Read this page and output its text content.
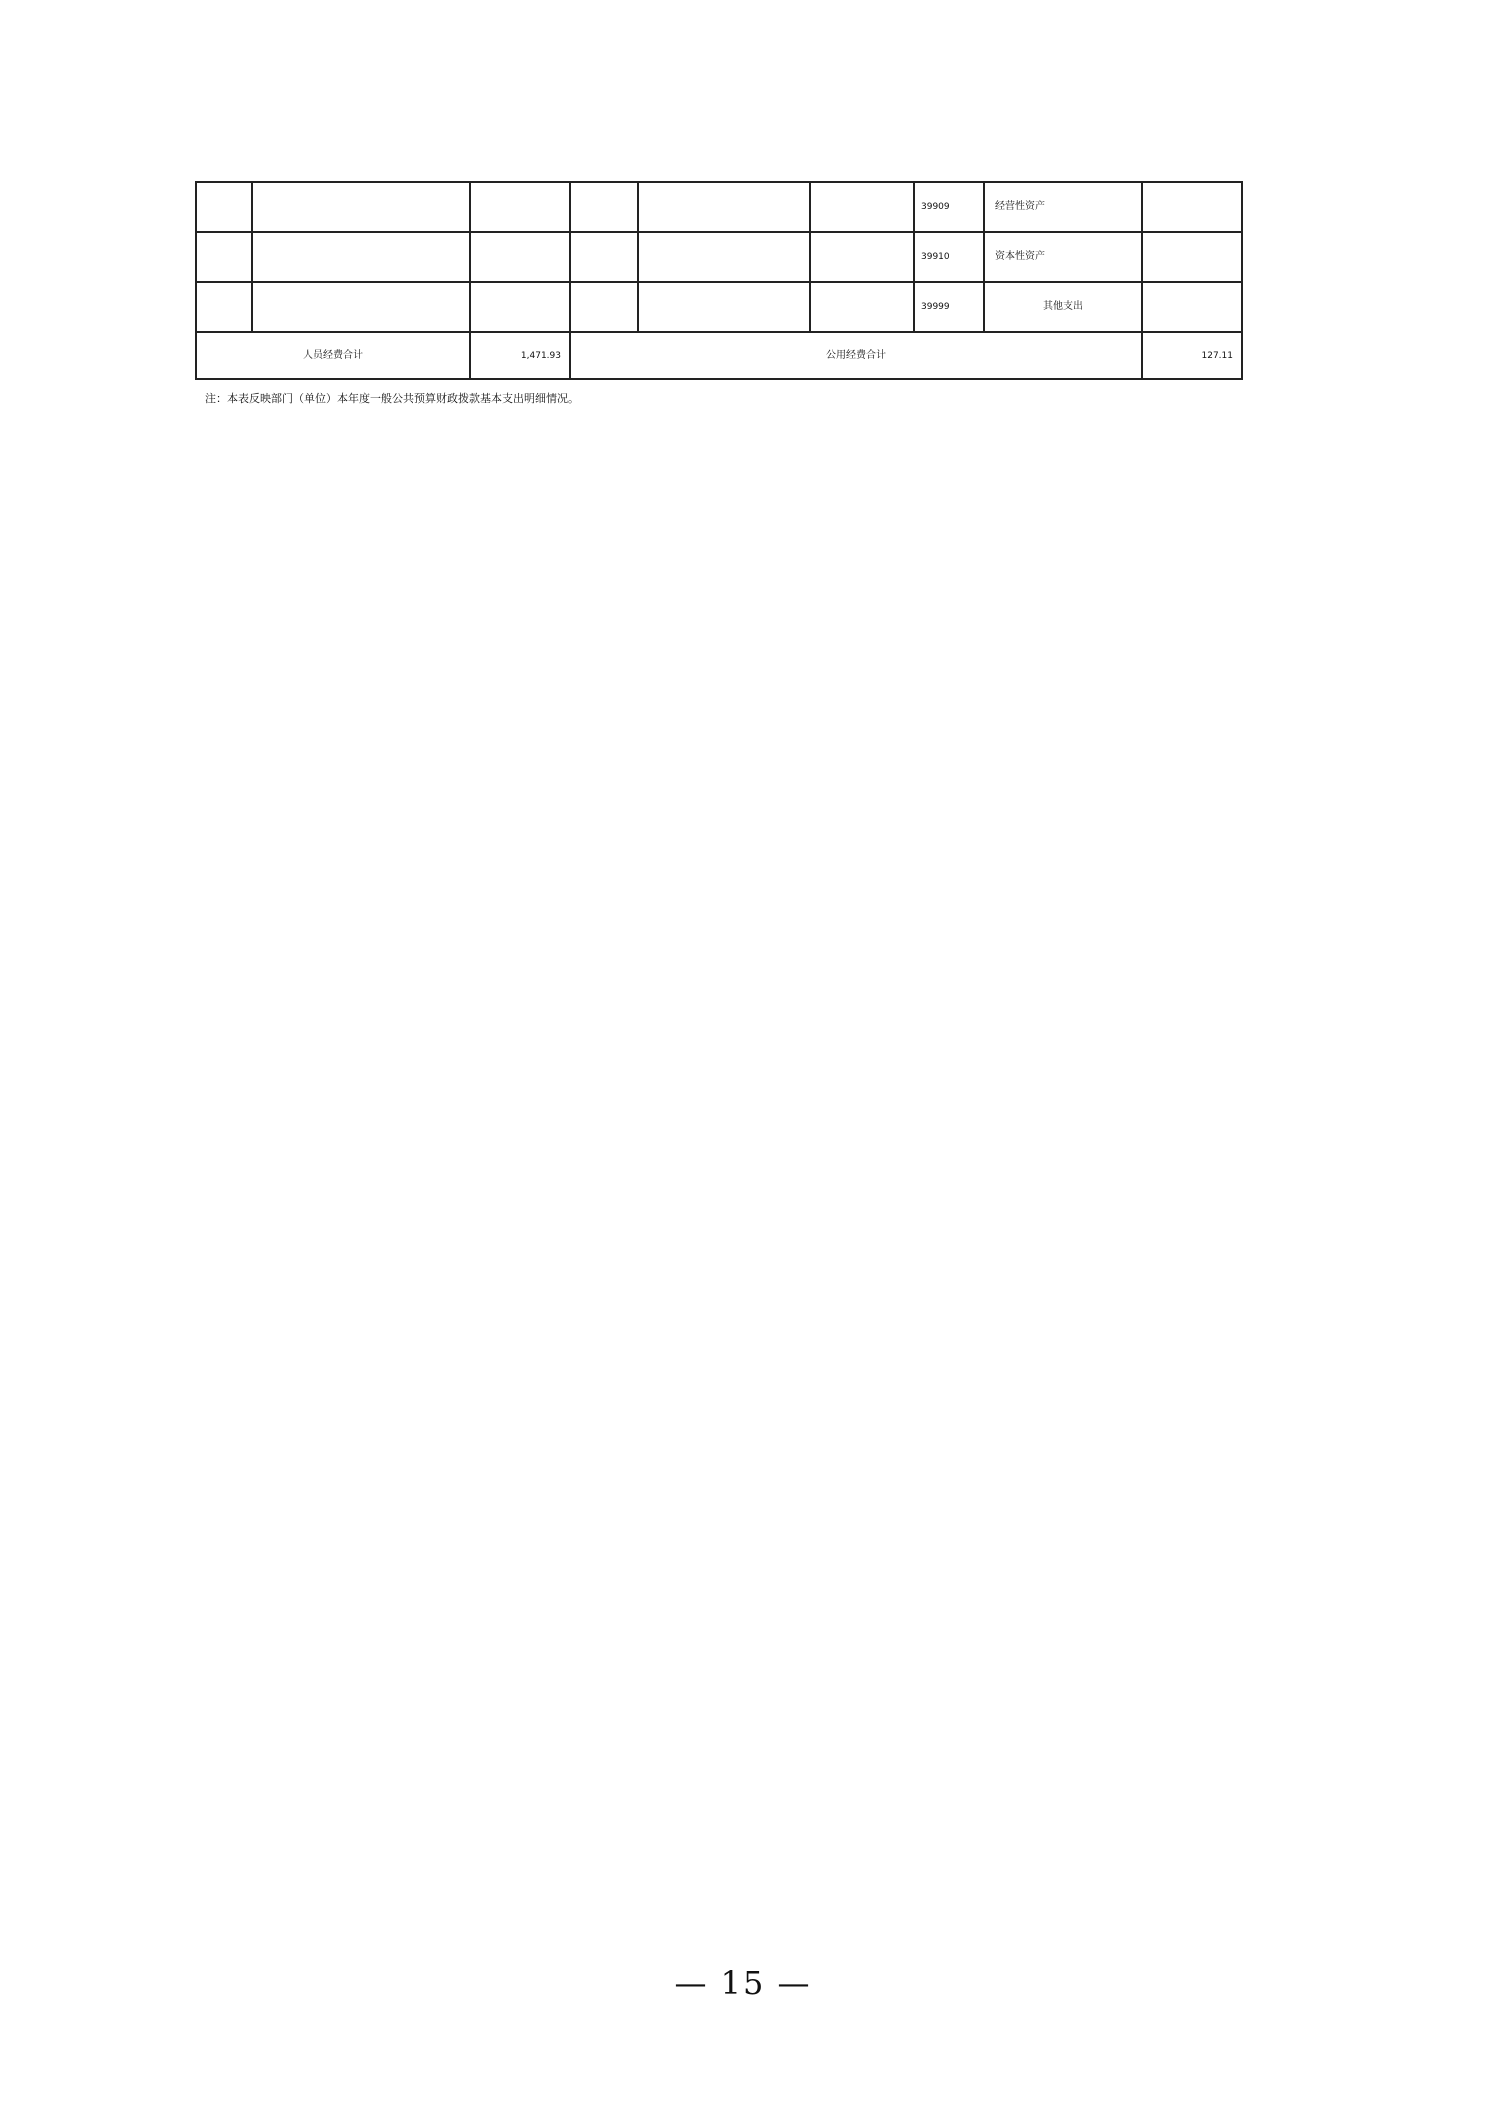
						39909	经营性资产	
						39910	资本性资产	
						39999	其他支出	
人员经费合计		1,471.93	公用经费合计					127.11
注：本表反映部门（单位）本年度一般公共预算财政拨款基本支出明细情况。
— 15 —
